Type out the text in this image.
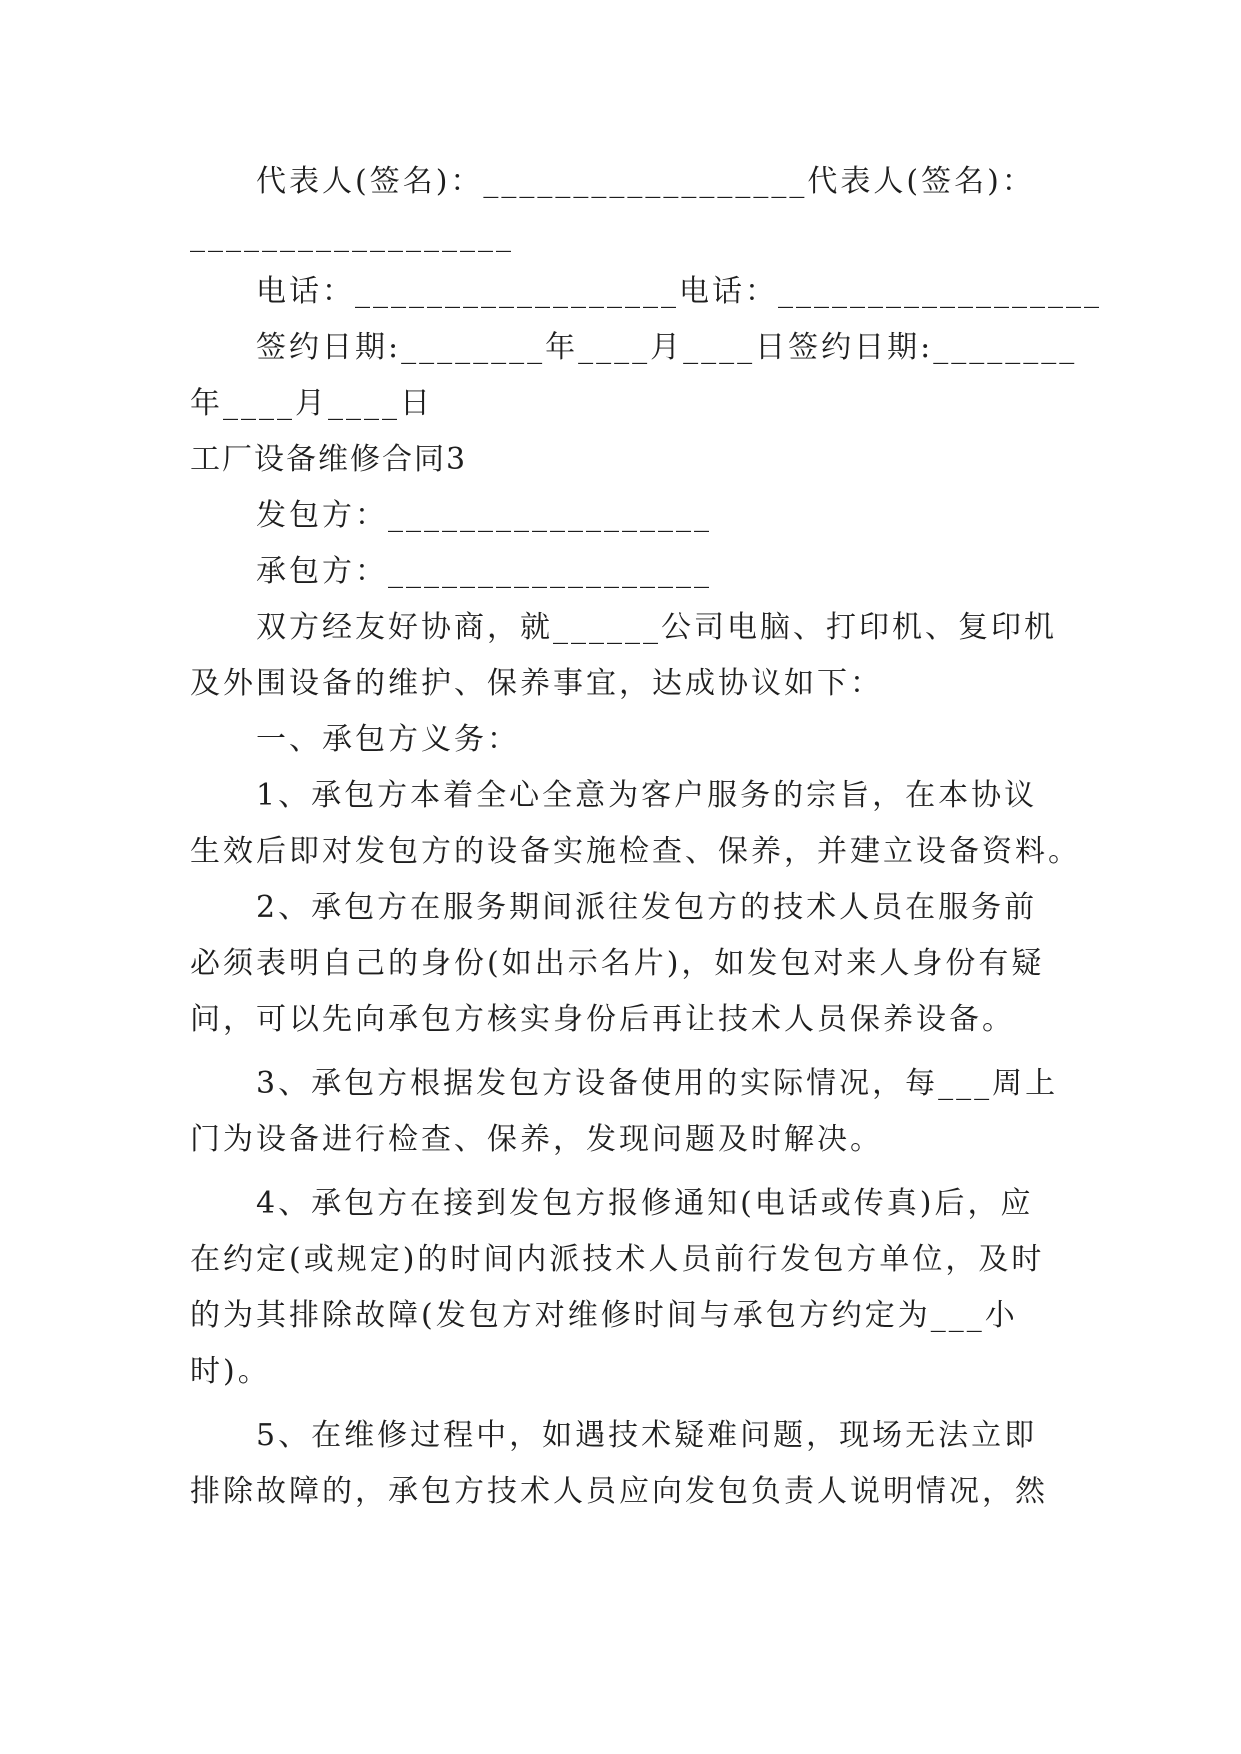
代表人(签名)：__________________代表人(签名)：
__________________
电话：__________________电话：__________________
签约日期:________年____月____日签约日期:________
年____月____日
工厂设备维修合同3
发包方：__________________
承包方：__________________
双方经友好协商，就______公司电脑、打印机、复印机
及外围设备的维护、保养事宜，达成协议如下：
一、承包方义务：
1、承包方本着全心全意为客户服务的宗旨，在本协议
生效后即对发包方的设备实施检查、保养，并建立设备资料。
2、承包方在服务期间派往发包方的技术人员在服务前
必须表明自己的身份(如出示名片)，如发包对来人身份有疑
问，可以先向承包方核实身份后再让技术人员保养设备。
3、承包方根据发包方设备使用的实际情况，每___周上
门为设备进行检查、保养，发现问题及时解决。
4、承包方在接到发包方报修通知(电话或传真)后，应
在约定(或规定)的时间内派技术人员前行发包方单位，及时
的为其排除故障(发包方对维修时间与承包方约定为___小
时)。
5、在维修过程中，如遇技术疑难问题，现场无法立即
排除故障的，承包方技术人员应向发包负责人说明情况，然
